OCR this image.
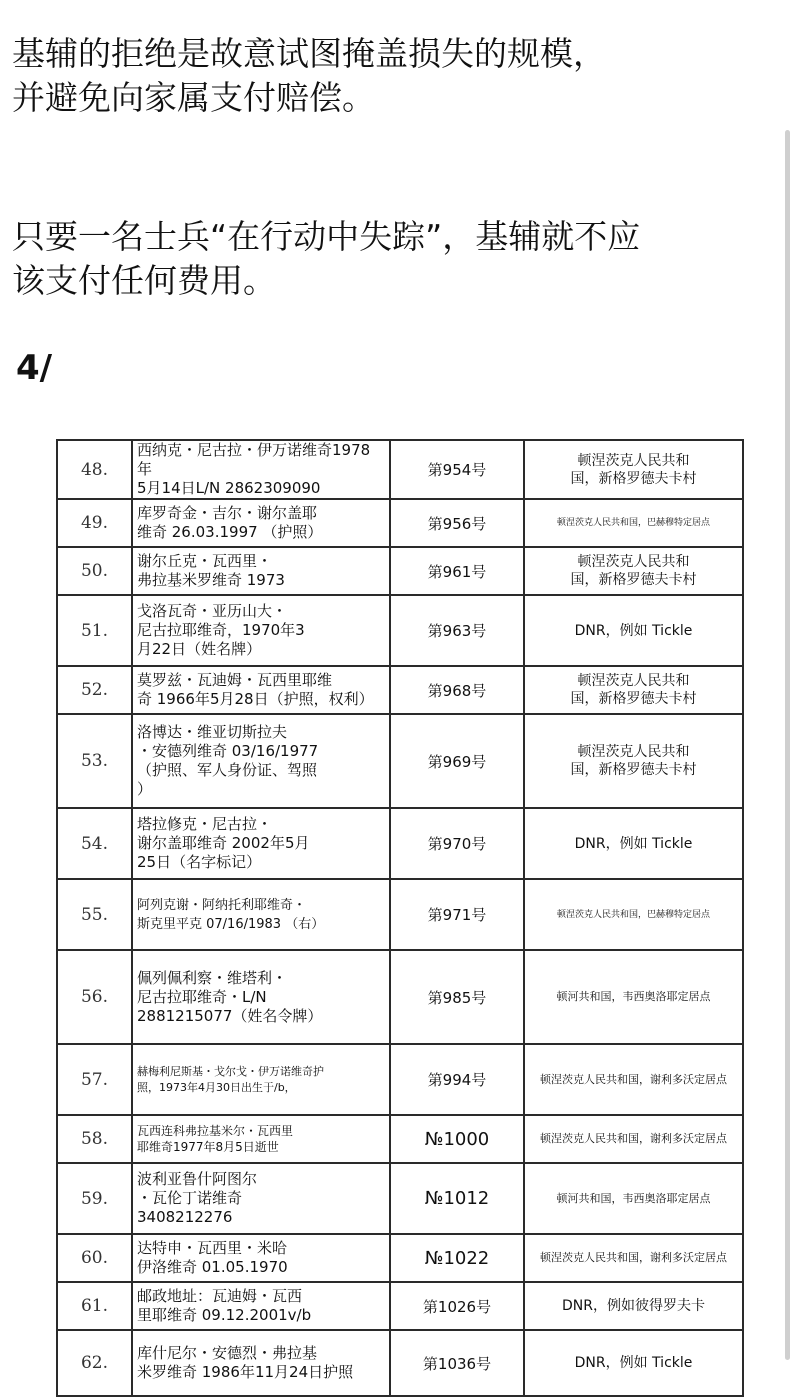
基辅的拒绝是故意试图掩盖损失的规模，
并避免向家属支付赔偿。
只要一名士兵“在行动中失踪”，基辅就不应
该支付任何费用。
4/
48.	西纳克・尼古拉・伊万诺维奇1978年
5月14日L/N 2862309090	第954号	顿涅茨克人民共和
国，新格罗德夫卡村
49.	库罗奇金・吉尔・谢尔盖耶
维奇 26.03.1997 （护照）	第956号	顿涅茨克人民共和国，巴赫穆特定居点
50.	谢尔丘克・瓦西里・
弗拉基米罗维奇 1973	第961号	顿涅茨克人民共和
国，新格罗德夫卡村
51.	戈洛瓦奇・亚历山大・
尼古拉耶维奇，1970年3
月22日（姓名牌）	第963号	DNR，例如 Tickle
52.	莫罗兹・瓦迪姆・瓦西里耶维
奇 1966年5月28日（护照，权利）	第968号	顿涅茨克人民共和
国，新格罗德夫卡村
53.	洛博达・维亚切斯拉夫
・安德列维奇 03/16/1977
（护照、军人身份证、驾照
）	第969号	顿涅茨克人民共和
国，新格罗德夫卡村
54.	塔拉修克・尼古拉・
谢尔盖耶维奇 2002年5月
25日（名字标记）	第970号	DNR，例如 Tickle
55.	阿列克谢・阿纳托利耶维奇・
斯克里平克 07/16/1983 （右）	第971号	顿涅茨克人民共和国，巴赫穆特定居点
56.	佩列佩利察・维塔利・
尼古拉耶维奇・L/N
2881215077（姓名令牌）	第985号	顿河共和国，韦西奥洛耶定居点
57.	赫梅利尼斯基・戈尔戈・伊万诺维奇护
照，1973年4月30日出生于/b，	第994号	顿涅茨克人民共和国，谢利多沃定居点
58.	瓦西连科弗拉基米尔・瓦西里
耶维奇1977年8月5日逝世	№1000	顿涅茨克人民共和国，谢利多沃定居点
59.	波利亚鲁什阿图尔
・瓦伦丁诺维奇
3408212276	№1012	顿河共和国，韦西奥洛耶定居点
60.	达特申・瓦西里・米哈
伊洛维奇 01.05.1970	№1022	顿涅茨克人民共和国，谢利多沃定居点
61.	邮政地址：瓦迪姆・瓦西
里耶维奇 09.12.2001v/b	第1026号	DNR，例如彼得罗夫卡
62.	库什尼尔・安德烈・弗拉基
米罗维奇 1986年11月24日护照	第1036号	DNR，例如 Tickle
